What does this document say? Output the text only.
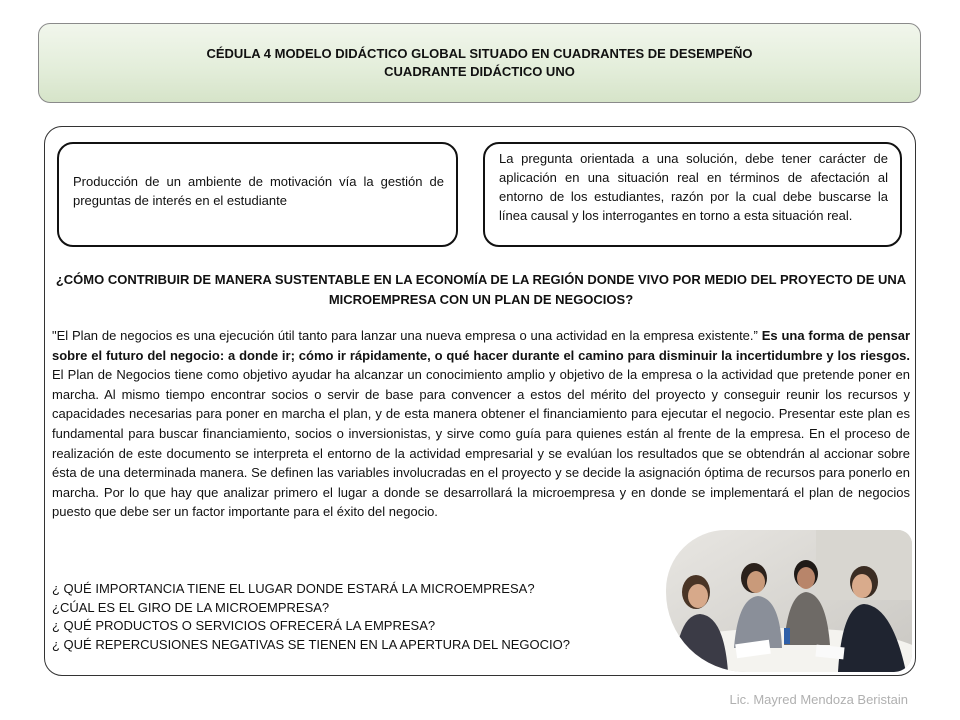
CÉDULA 4 MODELO DIDÁCTICO GLOBAL SITUADO EN CUADRANTES DE DESEMPEÑO
CUADRANTE DIDÁCTICO UNO
Producción de un ambiente de motivación vía la gestión de preguntas de interés en el estudiante
La pregunta orientada a una solución, debe tener carácter de aplicación en una situación real en términos de afectación al entorno de los estudiantes, razón por la cual debe buscarse la línea causal y los interrogantes en torno a esta situación real.
¿CÓMO CONTRIBUIR DE MANERA SUSTENTABLE EN LA ECONOMÍA DE LA REGIÓN DONDE VIVO POR MEDIO DEL PROYECTO DE UNA MICROEMPRESA CON UN PLAN DE NEGOCIOS?
"El Plan de negocios es una ejecución útil tanto para lanzar una nueva empresa o una actividad en la empresa existente.” Es una forma de pensar sobre el futuro del negocio: a donde ir; cómo ir rápidamente, o qué hacer durante el camino para disminuir la incertidumbre y los riesgos. El Plan de Negocios tiene como objetivo ayudar ha alcanzar un conocimiento amplio y objetivo de la empresa o la actividad que pretende poner en marcha. Al mismo tiempo encontrar socios o servir de base para convencer a estos del mérito del proyecto y conseguir reunir los recursos y capacidades necesarias para poner en marcha el plan, y de esta manera obtener el financiamiento para ejecutar el negocio. Presentar este plan es fundamental para buscar financiamiento, socios o inversionistas, y sirve como guía para quienes están al frente de la empresa. En el proceso de realización de este documento se interpreta el entorno de la actividad empresarial y se evalúan los resultados que se obtendrán al accionar sobre ésta de una determinada manera. Se definen las variables involucradas en el proyecto y se decide la asignación óptima de recursos para ponerlo en marcha. Por lo que hay que analizar primero el lugar a donde se desarrollará la microempresa y en donde se implementará el plan de negocios puesto que debe ser un factor importante para el éxito del negocio.
¿ QUÉ IMPORTANCIA TIENE EL LUGAR DONDE ESTARÁ LA MICROEMPRESA?
¿CÚAL ES EL GIRO DE LA MICROEMPRESA?
¿ QUÉ PRODUCTOS O SERVICIOS OFRECERÁ LA EMPRESA?
¿ QUÉ REPERCUSIONES NEGATIVAS SE TIENEN EN LA APERTURA DEL NEGOCIO?
Lic. Mayred Mendoza Beristain
